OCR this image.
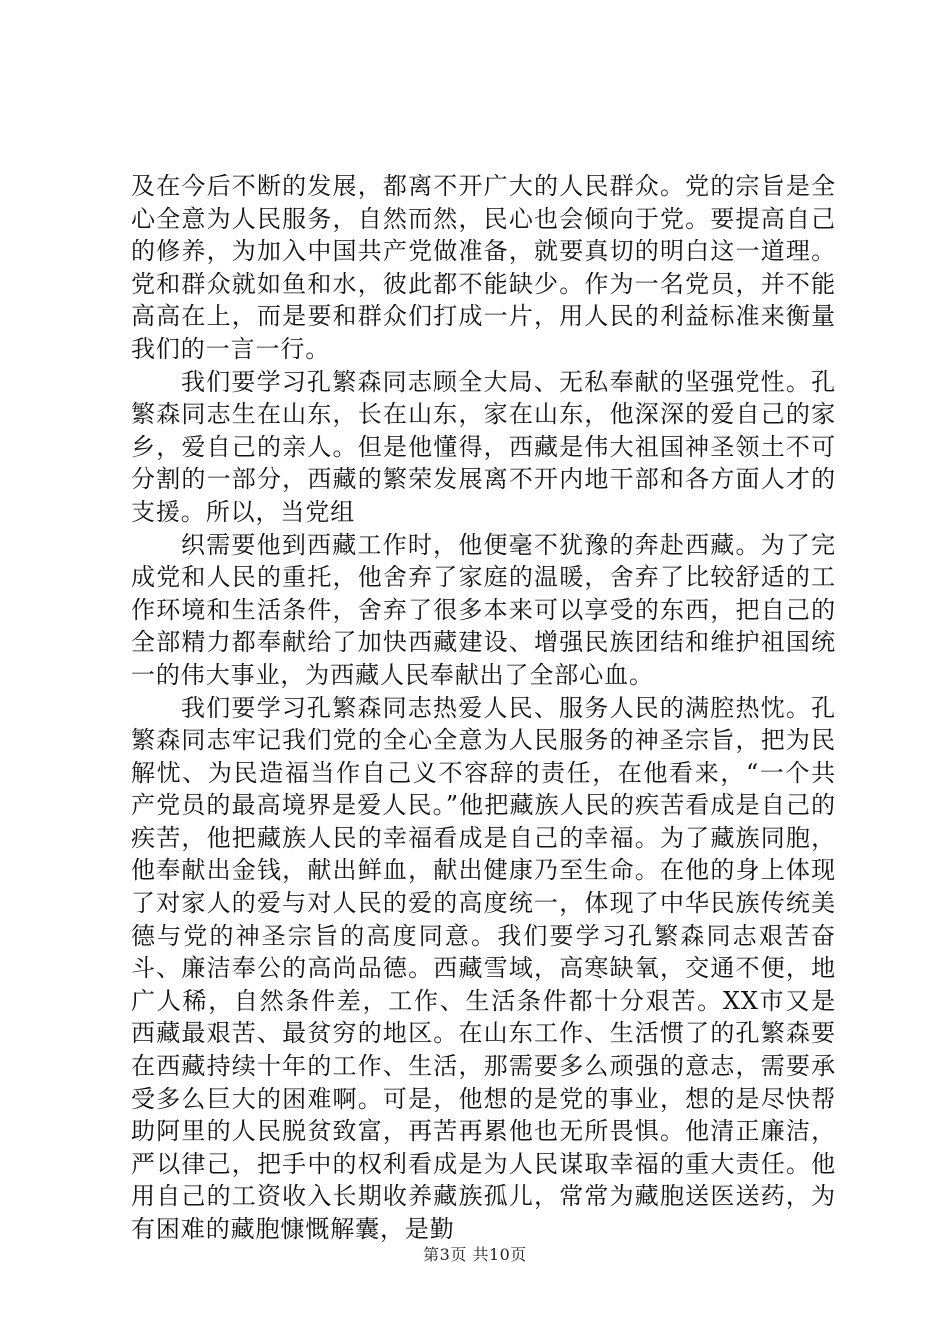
及在今后不断的发展，都离不开广大的人民群众。党的宗旨是全心全意为人民服务，自然而然，民心也会倾向于党。要提高自己的修养，为加入中国共产党做准备，就要真切的明白这一道理。党和群众就如鱼和水，彼此都不能缺少。作为一名党员，并不能高高在上，而是要和群众们打成一片，用人民的利益标准来衡量我们的一言一行。

我们要学习孔繁森同志顾全大局、无私奉献的坚强党性。孔繁森同志生在山东，长在山东，家在山东，他深深的爱自己的家乡，爱自己的亲人。但是他懂得，西藏是伟大祖国神圣领土不可分割的一部分，西藏的繁荣发展离不开内地干部和各方面人才的支援。所以，当党组

织需要他到西藏工作时，他便毫不犹豫的奔赴西藏。为了完成党和人民的重托，他舍弃了家庭的温暖，舍弃了比较舒适的工作环境和生活条件，舍弃了很多本来可以享受的东西，把自己的全部精力都奉献给了加快西藏建设、增强民族团结和维护祖国统一的伟大事业，为西藏人民奉献出了全部心血。

我们要学习孔繁森同志热爱人民、服务人民的满腔热忱。孔繁森同志牢记我们党的全心全意为人民服务的神圣宗旨，把为民解忧、为民造福当作自己义不容辞的责任，在他看来，“一个共产党员的最高境界是爱人民。”他把藏族人民的疾苦看成是自己的疾苦，他把藏族人民的幸福看成是自己的幸福。为了藏族同胞，他奉献出金钱，献出鲜血，献出健康乃至生命。在他的身上体现了对家人的爱与对人民的爱的高度统一，体现了中华民族传统美德与党的神圣宗旨的高度同意。我们要学习孔繁森同志艰苦奋斗、廉洁奉公的高尚品德。西藏雪域，高寒缺氧，交通不便，地广人稀，自然条件差，工作、生活条件都十分艰苦。XX市又是西藏最艰苦、最贫穷的地区。在山东工作、生活惯了的孔繁森要在西藏持续十年的工作、生活，那需要多么顽强的意志，需要承受多么巨大的困难啊。可是，他想的是党的事业，想的是尽快帮助阿里的人民脱贫致富，再苦再累他也无所畏惧。他清正廉洁，严以律己，把手中的权利看成是为人民谋取幸福的重大责任。他用自己的工资收入长期收养藏族孤儿，常常为藏胞送医送药，为有困难的藏胞慷慨解囊，是勤

第3页 共10页
